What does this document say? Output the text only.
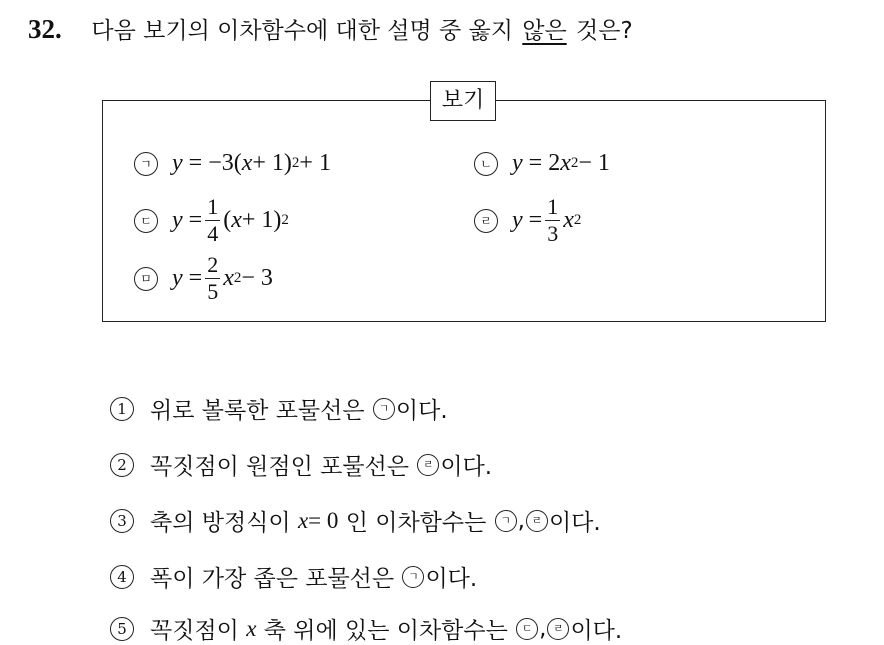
32. 다음 보기의 이차함수에 대한 설명 중 옳지 않은 것은?
보기
ㄱ y
= −3( x + 1) 2 + 1	ㄴ y
= 2 x 2 − 1
ㄷ y
= $\frac{1}{4}$ ( x + 1) 2	ㄹ y
= $\frac{1}{3}$ x 2
ㅁ y
= $\frac{2}{5}$ x 2 − 3
1	위로 볼록한 포물선은
	ㄱ 이다.
2	꼭짓점이 원점인 포물선은
	ㄹ 이다.
3	축의 방정식이
x = 0
인 이차함수는
	ㄱ , ㄹ 이다.
4	폭이 가장 좁은 포물선은
	ㄱ 이다.
5	꼭짓점이
x
축 위에 있는 이차함수는
	ㄷ , ㄹ 이다.
